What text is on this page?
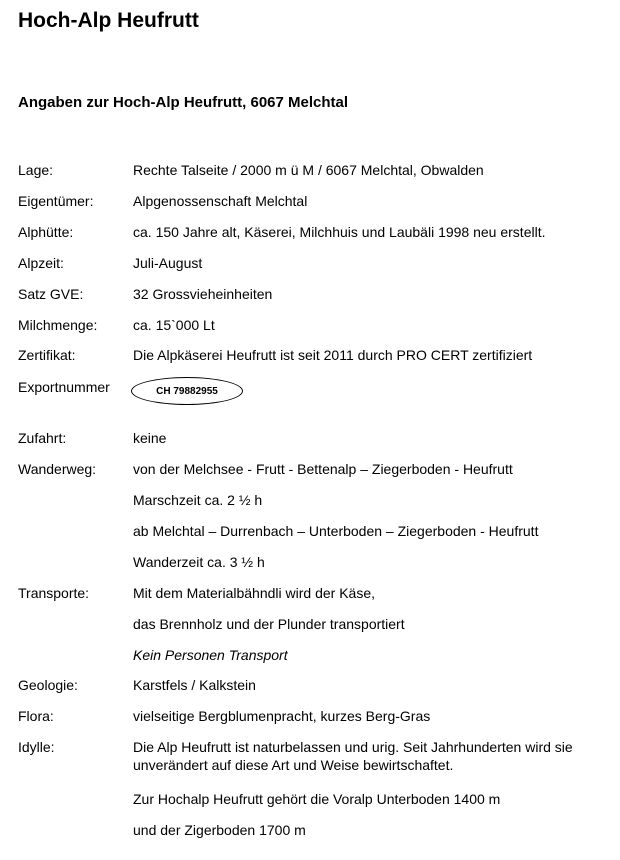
Hoch-Alp Heufrutt
Angaben zur Hoch-Alp Heufrutt, 6067 Melchtal
Lage:	Rechte Talseite / 2000 m ü M / 6067 Melchtal, Obwalden
Eigentümer:	Alpgenossenschaft Melchtal
Alphütte:	ca. 150 Jahre alt, Käserei, Milchhuis und Laubäli 1998 neu erstellt.
Alpzeit:	Juli-August
Satz GVE:	32 Grossvieheinheiten
Milchmenge:	ca. 15`000 Lt
Zertifikat:	Die Alpkäserei Heufrutt ist seit 2011 durch PRO CERT zertifiziert
Exportnummer	CH 79882955
Zufahrt:	keine
Wanderweg:	von der Melchsee - Frutt - Bettenalp – Ziegerboden - Heufrutt
Marschzeit ca. 2 ½ h
ab Melchtal – Durrenbach – Unterboden – Ziegerboden - Heufrutt
Wanderzeit ca. 3 ½ h
Transporte:	Mit dem Materialbähndli wird der Käse,
das Brennholz und der Plunder transportiert
Kein Personen Transport
Geologie:	Karstfels / Kalkstein
Flora:	vielseitige Bergblumenpracht, kurzes Berg-Gras
Idylle:	Die Alp Heufrutt ist naturbelassen und urig. Seit Jahrhunderten wird sie unverändert auf diese Art und Weise bewirtschaftet.
Zur Hochalp Heufrutt gehört die Voralp Unterboden 1400 m
und der Zigerboden 1700 m
